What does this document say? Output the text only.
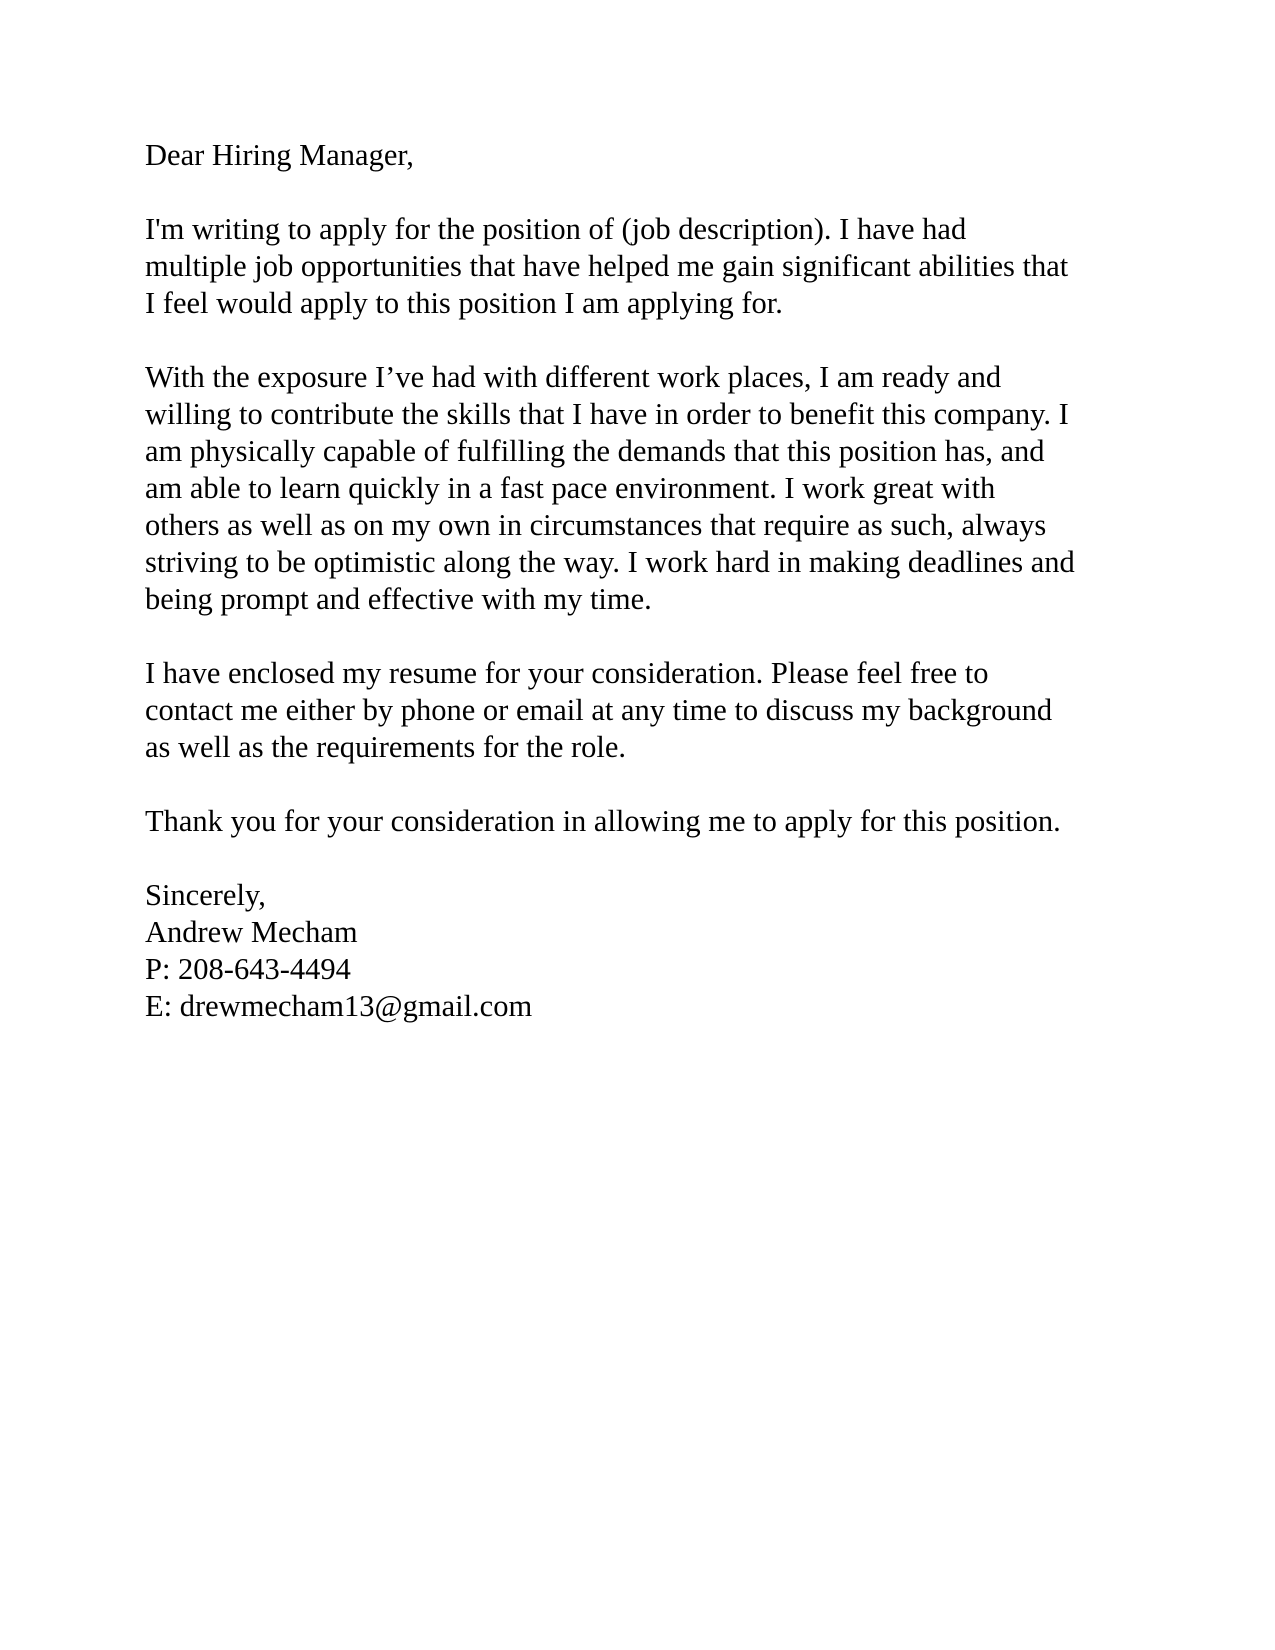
Dear Hiring Manager,

I'm writing to apply for the position of (job description). I have had multiple job opportunities that have helped me gain significant abilities that I feel would apply to this position I am applying for.

With the exposure I’ve had with different work places, I am ready and willing to contribute the skills that I have in order to benefit this company. I am physically capable of fulfilling the demands that this position has, and am able to learn quickly in a fast pace environment. I work great with others as well as on my own in circumstances that require as such, always striving to be optimistic along the way. I work hard in making deadlines and being prompt and effective with my time.

I have enclosed my resume for your consideration. Please feel free to contact me either by phone or email at any time to discuss my background as well as the requirements for the role.

Thank you for your consideration in allowing me to apply for this position.

Sincerely,

Andrew Mecham

P: 208-643-4494

E: drewmecham13@gmail.com
